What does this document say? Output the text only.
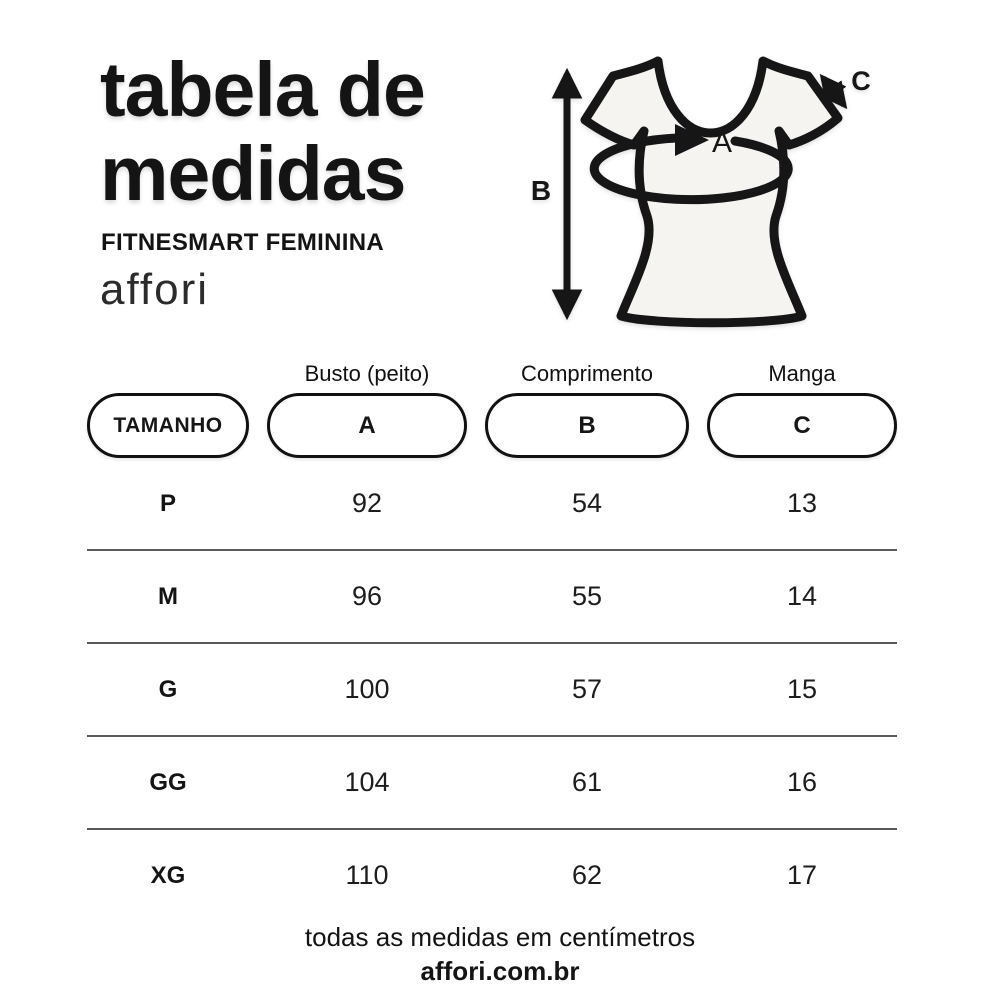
tabela de
medidas
FITNESMART FEMININA
affori
A
B
C
Busto (peito)	Comprimento	Manga
TAMANHO	A	B	C
P	92	54	13
M	96	55	14
G	100	57	15
GG	104	61	16
XG	110	62	17
todas as medidas em centímetros
affori.com.br
